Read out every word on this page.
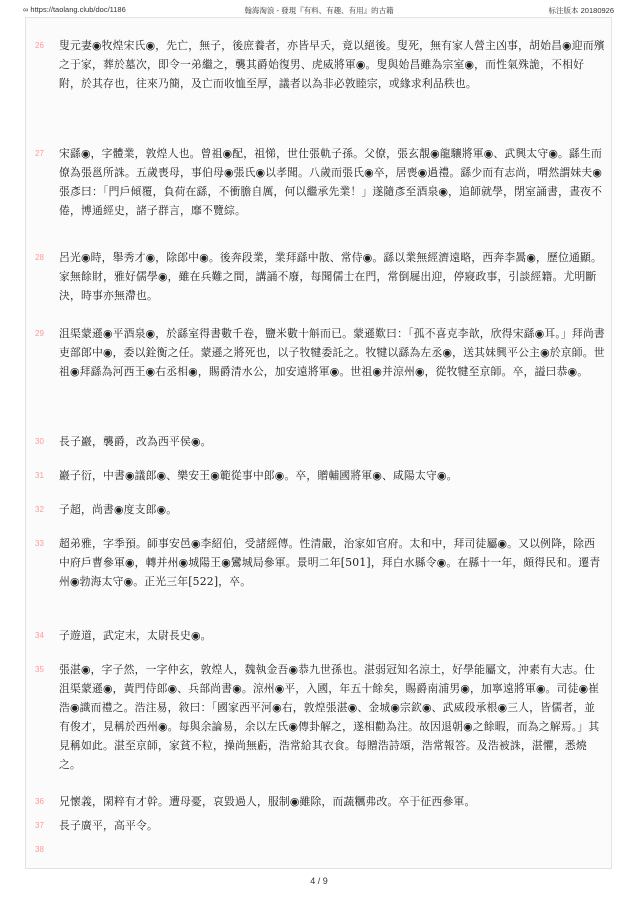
∞ https://taolang.club/doc/1186	翰海淘浪 - 發現『有料、有趣、有用』的古籍	标注版本 20180926
26 叟元妻◉牧煌宋氏◉，先亡，無子，後庶養者，亦皆早夭，竟以絕後。叟死，無有家人營主凶事，胡始昌◉迎而殯之于家，葬於墓次，即令一弟繼之，襲其爵始復男、虎威將軍◉。叟與始昌雖為宗室◉，而性氣殊詭，不相好附，於其存也，往來乃簡，及亡而收恤至厚，議者以為非必敦睦宗，或緣求利品秩也。
27 宋繇◉，字體業，敦煌人也。曾祖◉配，祖悌，世仕張軌子孫。父僚，張玄靚◉龍驤將軍◉、武興太守◉。繇生而僚為張邕所誅。五歲喪母，事伯母◉張氏◉以孝聞。八歲而張氏◉卒，居喪◉過禮。繇少而有志尚，喟然謂妹夫◉張彥曰：「門戶傾覆，負荷在繇，不衝膽自厲，何以繼承先業！」遂隨彥至酒泉◉，追師就學，閉室誦書，晝夜不倦，博通經史，諸子群言，靡不覽綜。
28 呂光◉時，舉秀才◉，除郎中◉。後奔段業，業拜繇中散、常侍◉。繇以業無經濟遠略，西奔李暠◉，歷位通顯。家無餘財，雅好儒學◉，雖在兵難之間，講誦不廢，每聞儒士在門，常倒屣出迎，停寢政事，引談經籍。尤明斷決，時事亦無滯也。
29 沮渠蒙遜◉平酒泉◉，於繇室得書數千卷，鹽米數十斛而已。蒙遜歎曰：「孤不喜克李歆，欣得宋繇◉耳。」拜尚書吏部郎中◉，委以銓衡之任。蒙遜之將死也，以子牧犍委託之。牧犍以繇為左丞◉，送其妹興平公主◉於京師。世祖◉拜繇為河西王◉右丞相◉，賜爵清水公，加安遠將軍◉。世祖◉并涼州◉，從牧犍至京師。卒，謚曰恭◉。
30 長子巖，襲爵，改為西平侯◉。
31 巖子衍，中書◉議郎◉、樂安王◉範從事中郎◉。卒，贈輔國將軍◉、咸陽太守◉。
32 子超，尚書◉度支郎◉。
33 超弟雅，字季預。師事安邑◉李紹伯，受諸經傳。性清嚴，治家如官府。太和中，拜司徒屬◉。又以例降，除西中府戶曹參軍◉，轉并州◉城陽王◉鸞城局參軍。景明二年[501]，拜白水縣令◉。在縣十一年，頗得民和。遷青州◉勃海太守◉。正光三年[522]，卒。
34 子遊道，武定末，太尉長史◉。
35 張湛◉，字子然，一字仲玄，敦煌人，魏執金吾◉恭九世孫也。湛弱冠知名涼土，好學能屬文，沖素有大志。仕沮渠蒙遜◉，黃門侍郎◉、兵部尚書◉。涼州◉平，入國，年五十餘矣，賜爵南浦男◉，加寧遠將軍◉。司徒◉崔浩◉識而禮之。浩注易，敘曰：「國家西平河◉右，敦煌張湛◉、金城◉宗欽◉、武威段承根◉三人，皆儒者，並有俊才，見稱於西州◉。每與余論易，余以左氏◉傳卦解之，遂相勸為注。故因退朝◉之餘暇，而為之解焉。」其見稱如此。湛至京師，家貧不粒，操尚無虧，浩常給其衣食。每贈浩詩頌，浩常報答。及浩被誅，湛懼，悉燒之。
36 兄懷義，閑粹有才幹。遭母憂，哀毀過人，服制◉雖除，而蔬糲弗改。卒于征西參軍。
37 長子廣平，高平令。
38
4 / 9
